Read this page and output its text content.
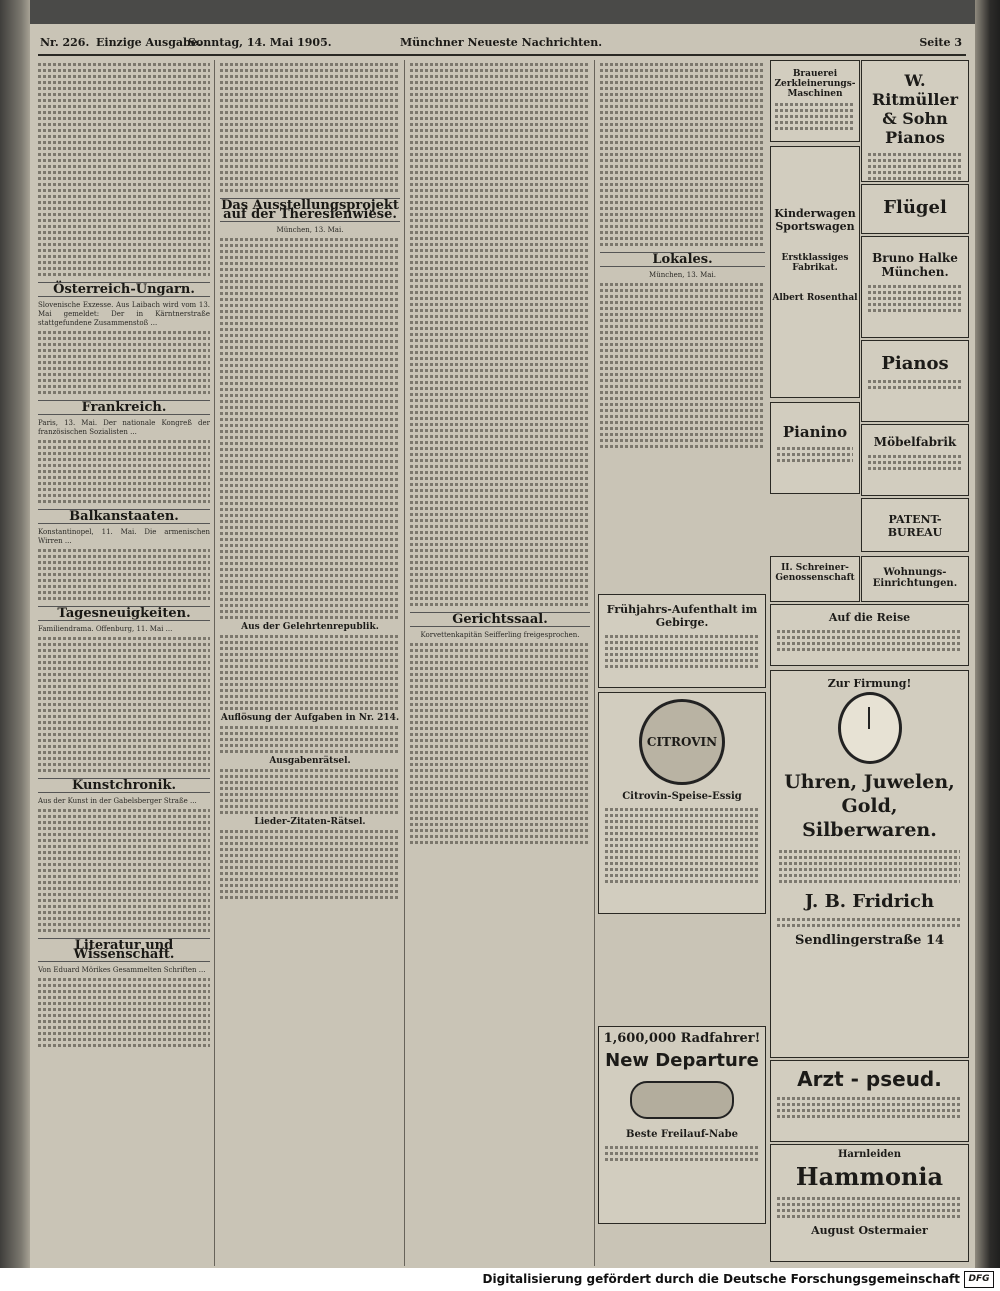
Nr. 226. Einzige Ausgabe.
Sonntag, 14. Mai 1905.	Münchner Neueste Nachrichten.	Seite 3
Österreich-Ungarn.

Slovenische Exzesse. Aus Laibach wird vom 13. Mai gemeldet: Der in Kärntnerstraße stattgefundene Zusammenstoß ...

Frankreich.

Paris, 13. Mai. Der nationale Kongreß der französischen Sozialisten ...

Balkanstaaten.

Konstantinopel, 11. Mai. Die armenischen Wirren ...

Tagesneuigkeiten.

Familiendrama. Offenburg, 11. Mai ...

Kunstchronik.

Aus der Kunst in der Gabelsberger Straße ...

Literatur und Wissenschaft.

Von Eduard Mörikes Gesammelten Schriften ...

Das Ausstellungsprojekt auf der Theresienwiese.

München, 13. Mai.

Aus der Gelehrtenrepublik.
Auflösung der Aufgaben in Nr. 214.
Ausgabenrätsel.
Lieder-Zitaten-Rätsel.
Gerichtssaal.

Korvettenkapitän Seifferling freigesprochen.

Lokales.

München, 13. Mai.

Frühjahrs-Aufenthalt im Gebirge.
CITROVIN
Citrovin-Speise-Essig
1,600,000 Radfahrer!
New Departure
Beste Freilauf-Nabe
Brauerei Zerkleinerungs-Maschinen
W. Ritmüller & Sohn Pianos
Flügel
Kinderwagen Sportswagen
Erstklassiges Fabrikat.
Albert Rosenthal
Bruno Halke München.
Pianos
Pianino
Möbelfabrik
PATENT-BUREAU
II. Schreiner-Genossenschaft	Wohnungs-Einrichtungen.
Auf die Reise
Zur Firmung!
Uhren, Juwelen, Gold, Silberwaren.
J. B. Fridrich
Sendlingerstraße 14
Arzt - pseud.
Harnleiden
Hammonia
August Ostermaier
Digitalisierung gefördert durch die Deutsche Forschungsgemeinschaft DFG
